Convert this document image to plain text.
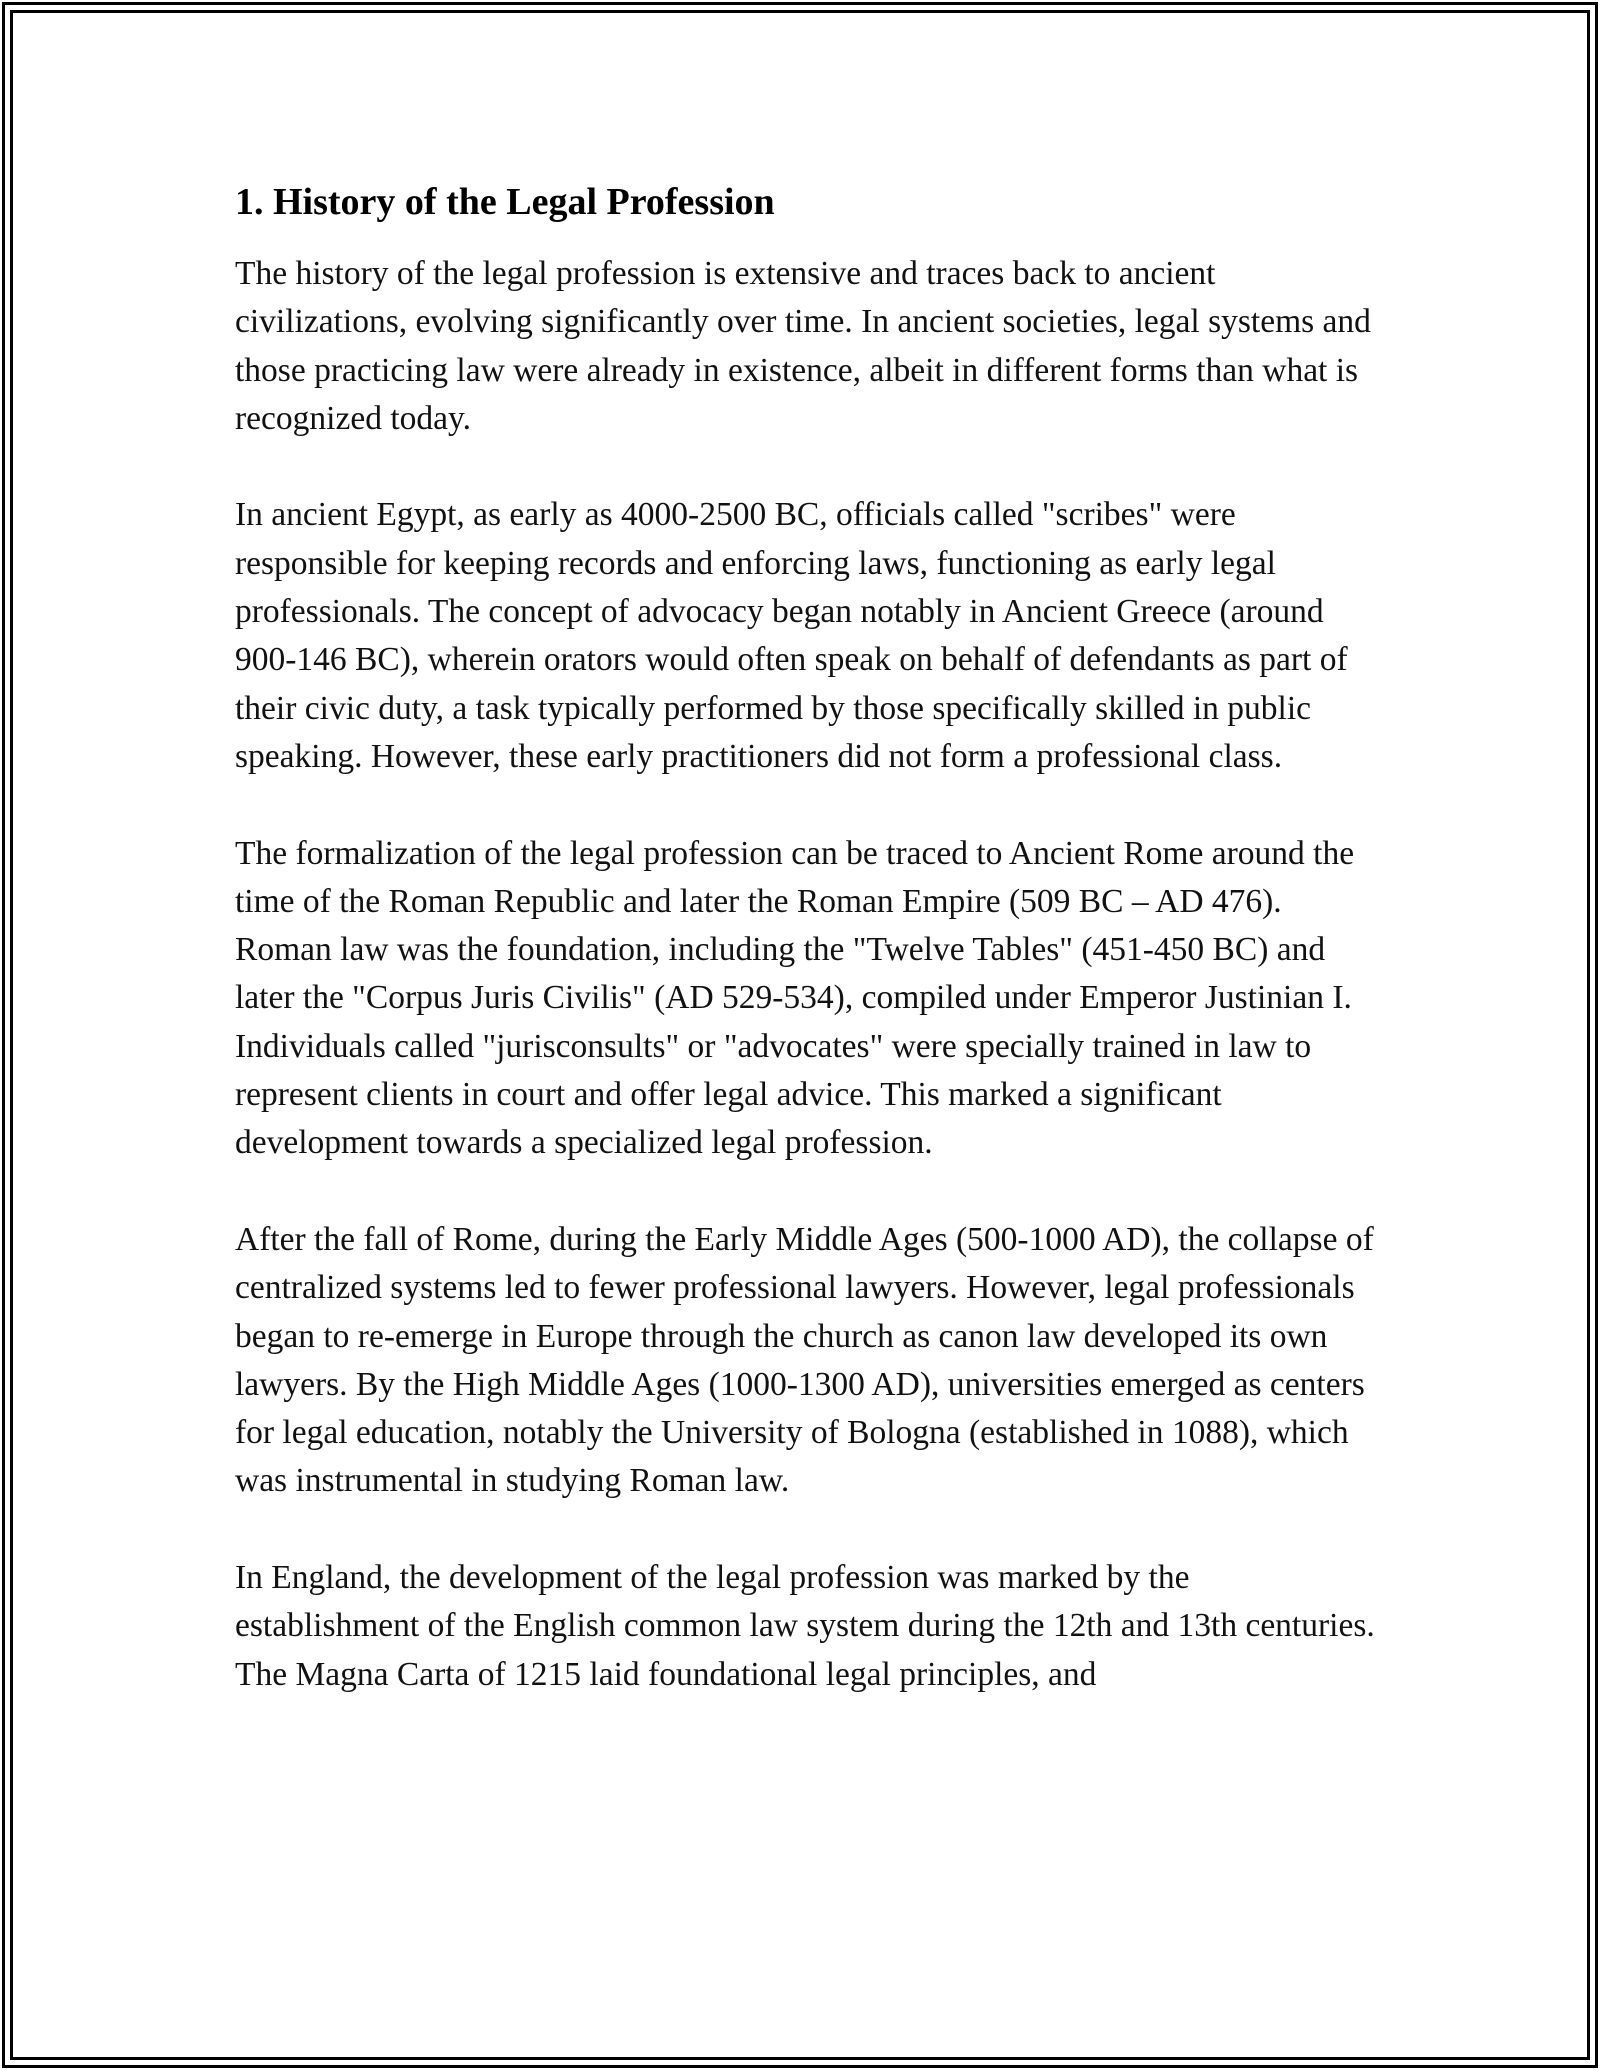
1. History of the Legal Profession

The history of the legal profession is extensive and traces back to ancient civilizations, evolving significantly over time. In ancient societies, legal systems and those practicing law were already in existence, albeit in different forms than what is recognized today.

In ancient Egypt, as early as 4000-2500 BC, officials called "scribes" were responsible for keeping records and enforcing laws, functioning as early legal professionals. The concept of advocacy began notably in Ancient Greece (around 900-146 BC), wherein orators would often speak on behalf of defendants as part of their civic duty, a task typically performed by those specifically skilled in public speaking. However, these early practitioners did not form a professional class.

The formalization of the legal profession can be traced to Ancient Rome around the time of the Roman Republic and later the Roman Empire (509 BC – AD 476). Roman law was the foundation, including the "Twelve Tables" (451-450 BC) and later the "Corpus Juris Civilis" (AD 529-534), compiled under Emperor Justinian I. Individuals called "jurisconsults" or "advocates" were specially trained in law to represent clients in court and offer legal advice. This marked a significant development towards a specialized legal profession.

After the fall of Rome, during the Early Middle Ages (500-1000 AD), the collapse of centralized systems led to fewer professional lawyers. However, legal professionals began to re-emerge in Europe through the church as canon law developed its own lawyers. By the High Middle Ages (1000-1300 AD), universities emerged as centers for legal education, notably the University of Bologna (established in 1088), which was instrumental in studying Roman law.

In England, the development of the legal profession was marked by the establishment of the English common law system during the 12th and 13th centuries. The Magna Carta of 1215 laid foundational legal principles, and
